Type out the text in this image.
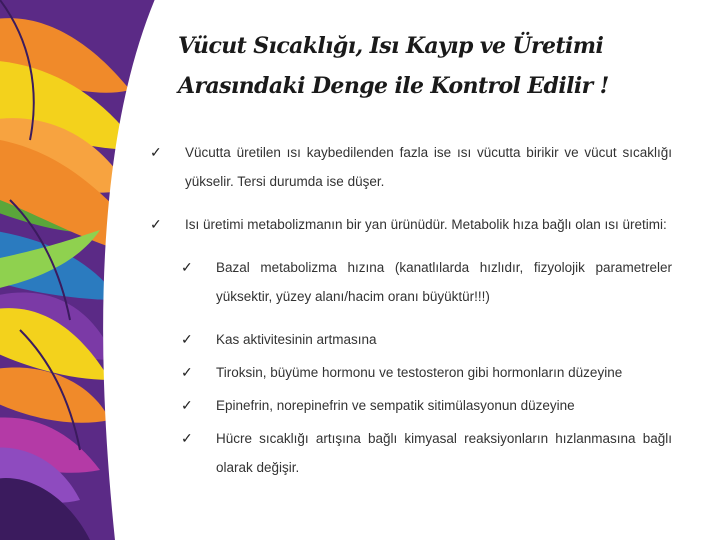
Vücut Sıcaklığı, Isı Kayıp ve Üretimi
Arasındaki Denge ile Kontrol Edilir !
✓ Vücutta üretilen ısı kaybedilenden fazla ise ısı vücutta birikir ve vücut sıcaklığı yükselir. Tersi durumda ise düşer.
✓ Isı üretimi metabolizmanın bir yan ürünüdür. Metabolik hıza bağlı olan ısı üretimi:
✓ Bazal metabolizma hızına (kanatlılarda hızlıdır, fizyolojik parametreler yüksektir, yüzey alanı/hacim oranı büyüktür!!!)
✓ Kas aktivitesinin artmasına
✓ Tiroksin, büyüme hormonu ve testosteron gibi hormonların düzeyine
✓ Epinefrin, norepinefrin ve sempatik sitimülasyonun düzeyine
✓ Hücre sıcaklığı artışına bağlı kimyasal reaksiyonların hızlanmasına bağlı olarak değişir.
